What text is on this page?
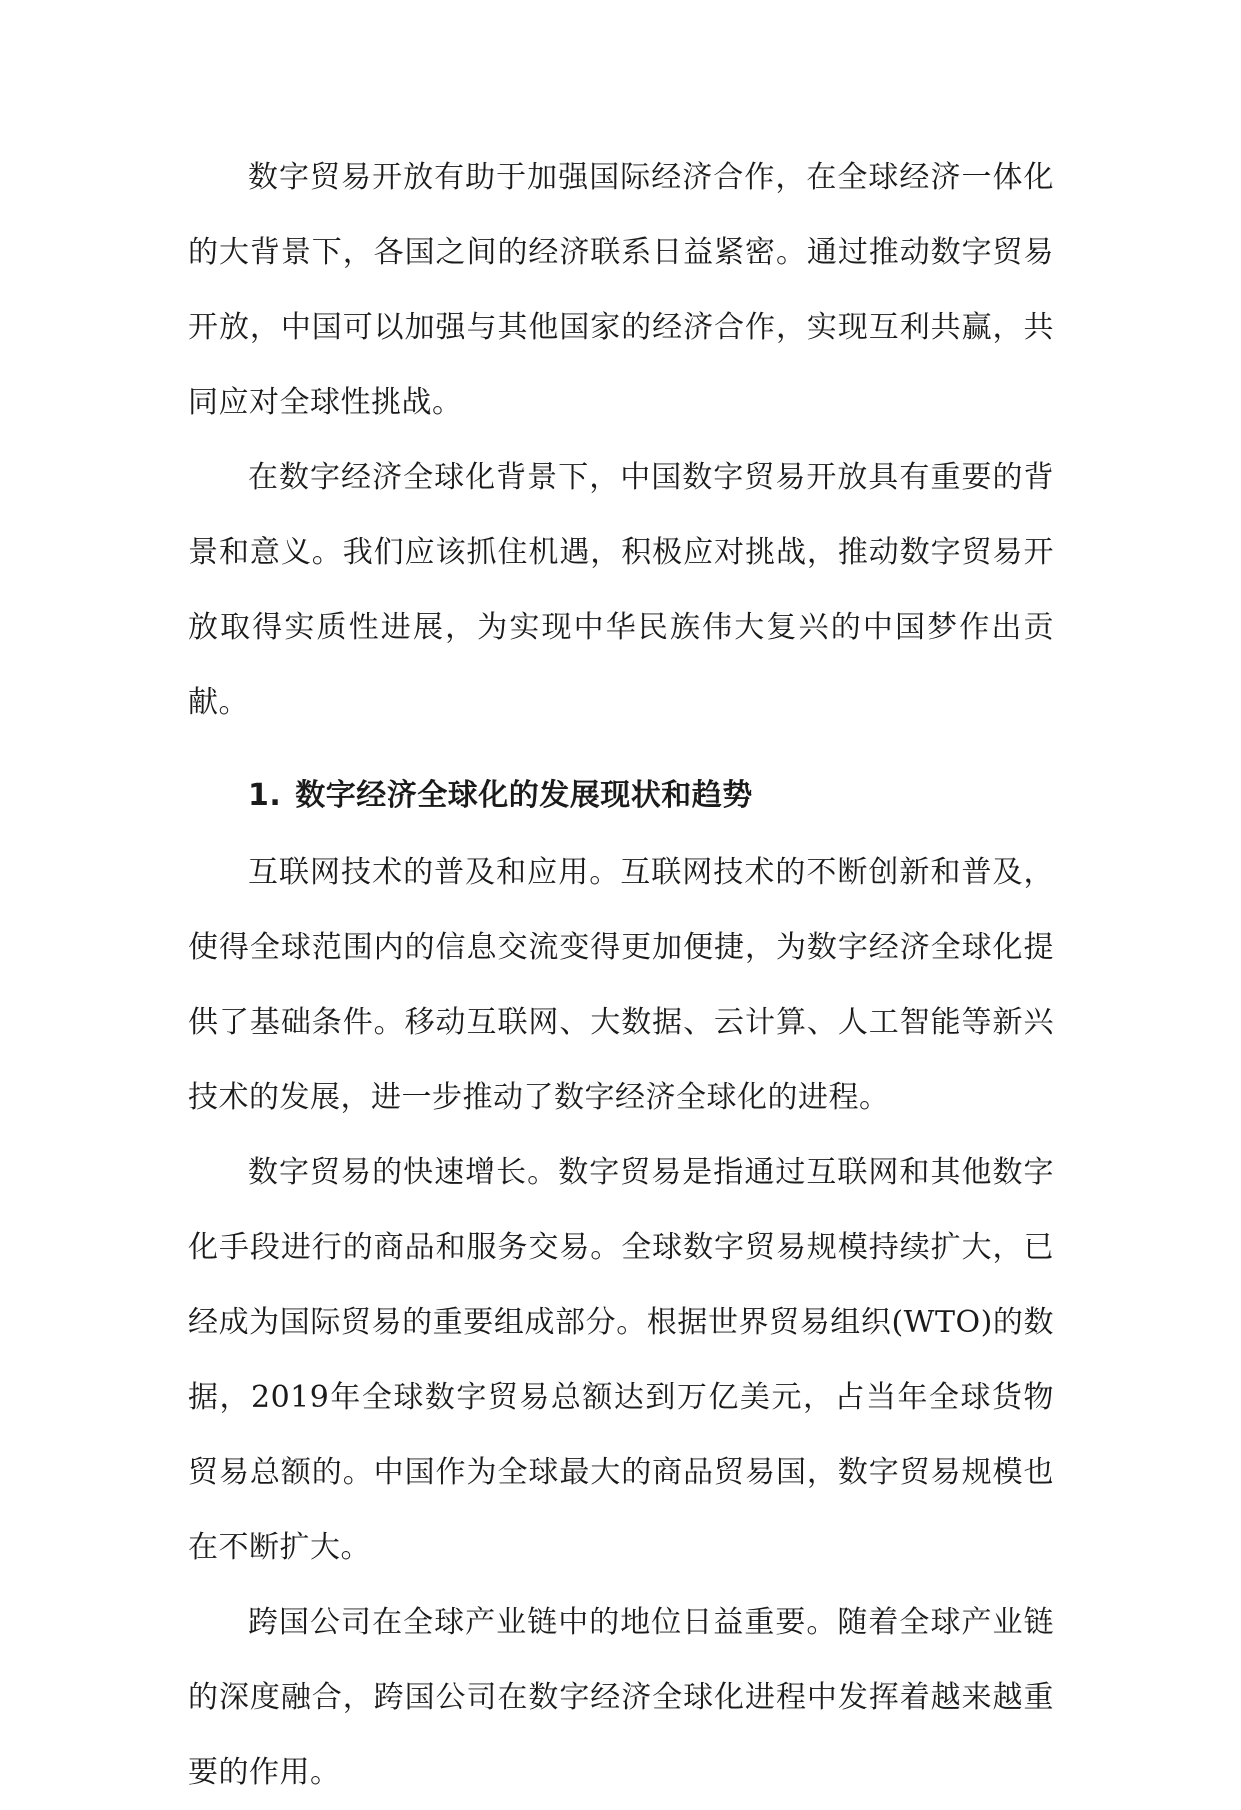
数字贸易开放有助于加强国际经济合作，在全球经济一体化的大背景下，各国之间的经济联系日益紧密。通过推动数字贸易开放，中国可以加强与其他国家的经济合作，实现互利共赢，共同应对全球性挑战。

在数字经济全球化背景下，中国数字贸易开放具有重要的背景和意义。我们应该抓住机遇，积极应对挑战，推动数字贸易开放取得实质性进展，为实现中华民族伟大复兴的中国梦作出贡献。

1. 数字经济全球化的发展现状和趋势

互联网技术的普及和应用。互联网技术的不断创新和普及，使得全球范围内的信息交流变得更加便捷，为数字经济全球化提供了基础条件。移动互联网、大数据、云计算、人工智能等新兴技术的发展，进一步推动了数字经济全球化的进程。

数字贸易的快速增长。数字贸易是指通过互联网和其他数字化手段进行的商品和服务交易。全球数字贸易规模持续扩大，已经成为国际贸易的重要组成部分。根据世界贸易组织(WTO)的数据，2019年全球数字贸易总额达到万亿美元，占当年全球货物贸易总额的。中国作为全球最大的商品贸易国，数字贸易规模也在不断扩大。

跨国公司在全球产业链中的地位日益重要。随着全球产业链的深度融合，跨国公司在数字经济全球化进程中发挥着越来越重要的作用。
